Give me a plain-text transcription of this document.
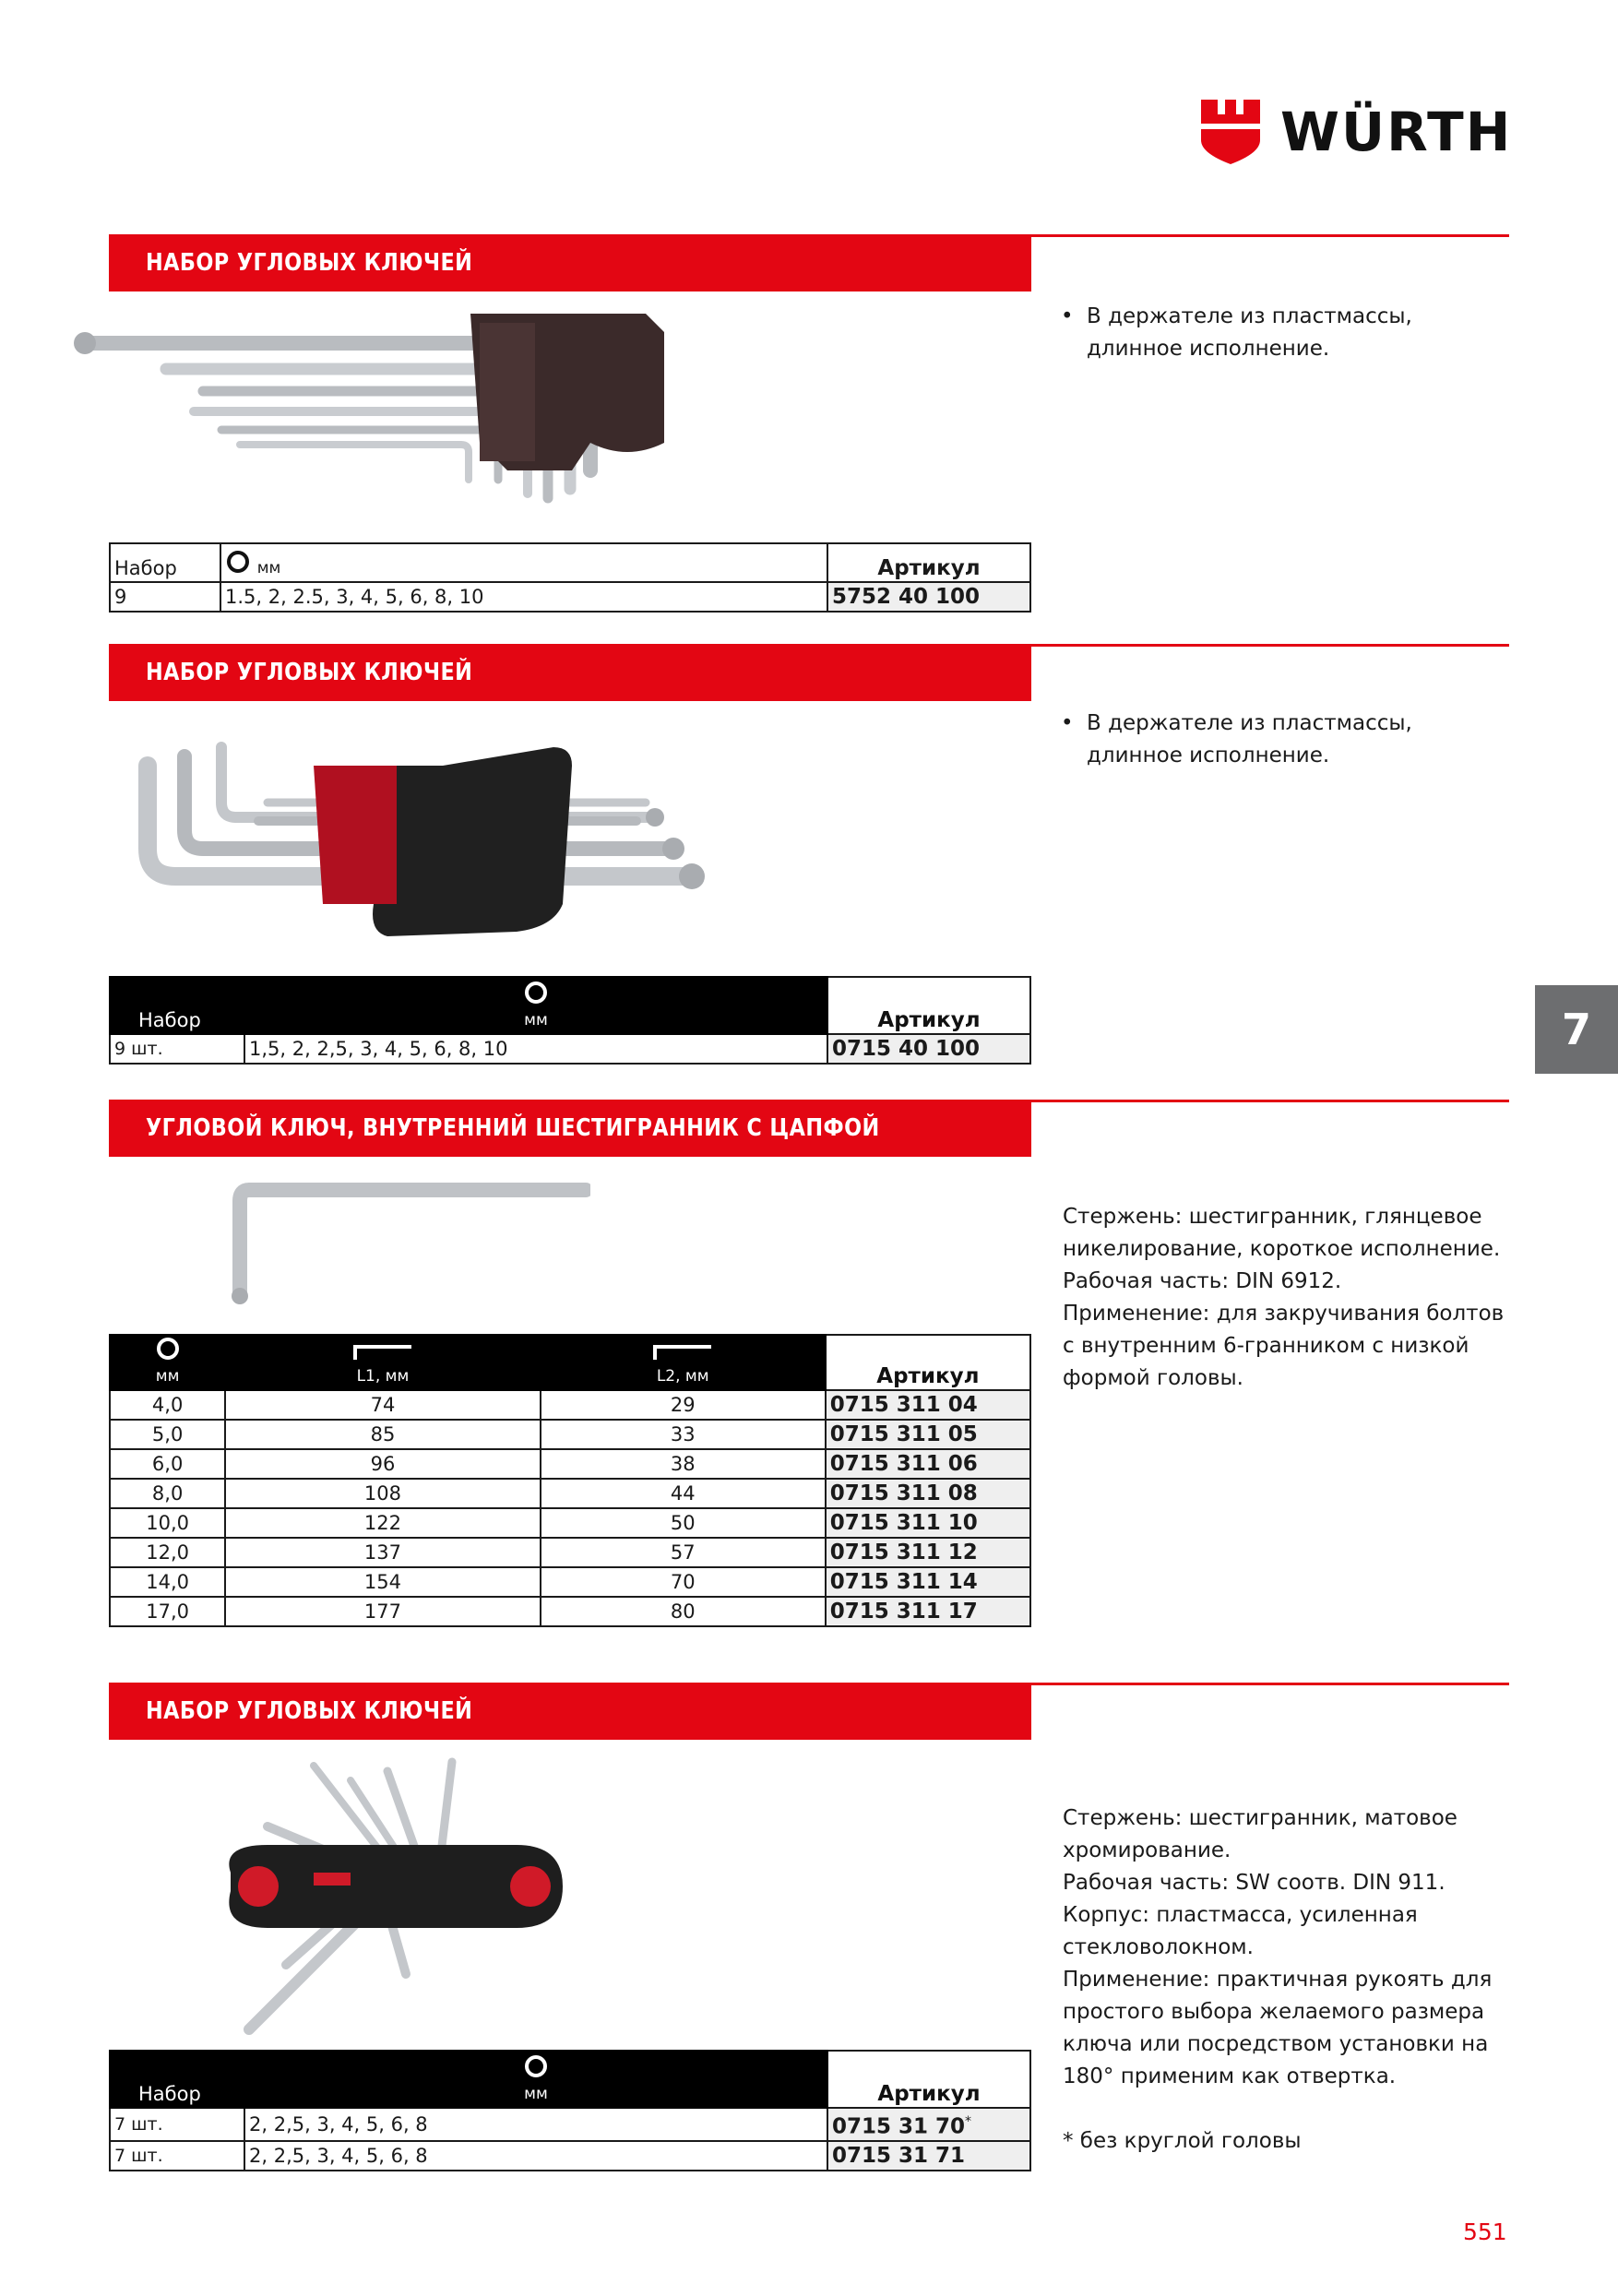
WÜRTH
НАБОР УГЛОВЫХ КЛЮЧЕЙ
• В держателе из пластмассы, длинное исполнение.
Набор	мм	Артикул
9	1.5, 2, 2.5, 3, 4, 5, 6, 8, 10	5752 40 100
НАБОР УГЛОВЫХ КЛЮЧЕЙ
• В держателе из пластмассы, длинное исполнение.
Набор	мм	Артикул
9 шт.	1,5, 2, 2,5, 3, 4, 5, 6, 8, 10	0715 40 100	7
УГЛОВОЙ КЛЮЧ, ВНУТРЕННИЙ ШЕСТИГРАННИК С ЦАПФОЙ
Стержень: шестигранник, глянцевое
никелирование, короткое исполнение.
Рабочая часть: DIN 6912.
Применение: для закручивания болтов
с внутренним 6-гранником с низкой
формой головы.
мм	L1, мм	L2, мм	Артикул
4,0	74	29	0715 311 04
5,0	85	33	0715 311 05
6,0	96	38	0715 311 06
8,0	108	44	0715 311 08
10,0	122	50	0715 311 10
12,0	137	57	0715 311 12
14,0	154	70	0715 311 14
17,0	177	80	0715 311 17
НАБОР УГЛОВЫХ КЛЮЧЕЙ
Стержень: шестигранник, матовое
хромирование.
Рабочая часть: SW соотв. DIN 911.
Корпус: пластмасса, усиленная
стекловолокном.
Применение: практичная рукоять для
простого выбора желаемого размера
ключа или посредством установки на
180° применим как отвертка.
* без круглой головы
Набор	мм	Артикул
7 шт.	2, 2,5, 3, 4, 5, 6, 8	0715 31 70*
7 шт.	2, 2,5, 3, 4, 5, 6, 8	0715 31 71
551
